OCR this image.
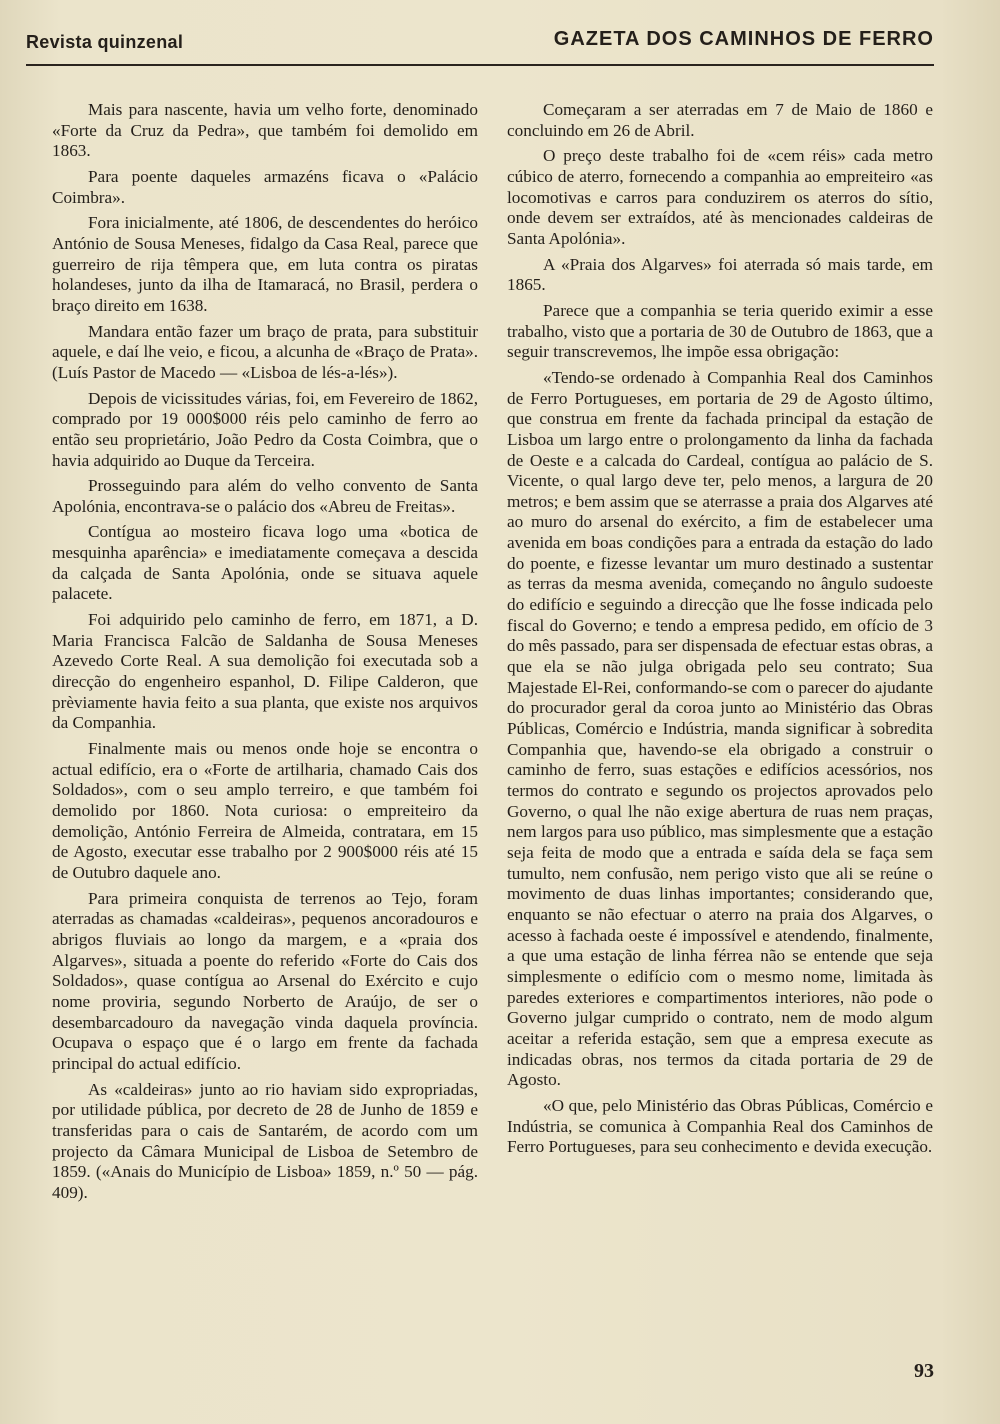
Revista quinzenal	GAZETA DOS CAMINHOS DE FERRO

Mais para nascente, havia um velho forte, denominado «Forte da Cruz da Pedra», que também foi demolido em 1863.

Para poente daqueles armazéns ficava o «Palácio Coimbra».

Fora inicialmente, até 1806, de descendentes do heróico António de Sousa Meneses, fidalgo da Casa Real, parece que guerreiro de rija têmpera que, em luta contra os piratas holandeses, junto da ilha de Itamaracá, no Brasil, perdera o braço direito em 1638.

Mandara então fazer um braço de prata, para substituir aquele, e daí lhe veio, e ficou, a alcunha de «Braço de Prata». (Luís Pastor de Macedo — «Lisboa de lés-a-lés»).

Depois de vicissitudes várias, foi, em Fevereiro de 1862, comprado por 19 000$000 réis pelo caminho de ferro ao então seu proprietário, João Pedro da Costa Coimbra, que o havia adquirido ao Duque da Terceira.

Prosseguindo para além do velho convento de Santa Apolónia, encontrava-se o palácio dos «Abreu de Freitas».

Contígua ao mosteiro ficava logo uma «botica de mesquinha aparência» e imediatamente começava a descida da calçada de Santa Apolónia, onde se situava aquele palacete.

Foi adquirido pelo caminho de ferro, em 1871, a D. Maria Francisca Falcão de Saldanha de Sousa Meneses Azevedo Corte Real. A sua demolição foi executada sob a direcção do engenheiro espanhol, D. Filipe Calderon, que prèviamente havia feito a sua planta, que existe nos arquivos da Companhia.

Finalmente mais ou menos onde hoje se encontra o actual edifício, era o «Forte de artilharia, chamado Cais dos Soldados», com o seu amplo terreiro, e que também foi demolido por 1860. Nota curiosa: o empreiteiro da demolição, António Ferreira de Almeida, contratara, em 15 de Agosto, executar esse trabalho por 2 900$000 réis até 15 de Outubro daquele ano.

Para primeira conquista de terrenos ao Tejo, foram aterradas as chamadas «caldeiras», pequenos ancoradouros e abrigos fluviais ao longo da margem, e a «praia dos Algarves», situada a poente do referido «Forte do Cais dos Soldados», quase contígua ao Arsenal do Exército e cujo nome proviria, segundo Norberto de Araújo, de ser o desembarcadouro da navegação vinda daquela província. Ocupava o espaço que é o largo em frente da fachada principal do actual edifício.

As «caldeiras» junto ao rio haviam sido expropriadas, por utilidade pública, por decreto de 28 de Junho de 1859 e transferidas para o cais de Santarém, de acordo com um projecto da Câmara Municipal de Lisboa de Setembro de 1859. («Anais do Município de Lisboa» 1859, n.º 50 — pág. 409).

Começaram a ser aterradas em 7 de Maio de 1860 e concluindo em 26 de Abril.

O preço deste trabalho foi de «cem réis» cada metro cúbico de aterro, fornecendo a companhia ao empreiteiro «as locomotivas e carros para conduzirem os aterros do sítio, onde devem ser extraídos, até às mencionades caldeiras de Santa Apolónia».

A «Praia dos Algarves» foi aterrada só mais tarde, em 1865.

Parece que a companhia se teria querido eximir a esse trabalho, visto que a portaria de 30 de Outubro de 1863, que a seguir transcrevemos, lhe impõe essa obrigação:

«Tendo-se ordenado à Companhia Real dos Caminhos de Ferro Portugueses, em portaria de 29 de Agosto último, que construa em frente da fachada principal da estação de Lisboa um largo entre o prolongamento da linha da fachada de Oeste e a calcada do Cardeal, contígua ao palácio de S. Vicente, o qual largo deve ter, pelo menos, a largura de 20 metros; e bem assim que se aterrasse a praia dos Algarves até ao muro do arsenal do exército, a fim de estabelecer uma avenida em boas condições para a entrada da estação do lado do poente, e fizesse levantar um muro destinado a sustentar as terras da mesma avenida, começando no ângulo sudoeste do edifício e seguindo a direcção que lhe fosse indicada pelo fiscal do Governo; e tendo a empresa pedido, em ofício de 3 do mês passado, para ser dispensada de efectuar estas obras, a que ela se não julga obrigada pelo seu contrato; Sua Majestade El-Rei, conformando-se com o parecer do ajudante do procurador geral da coroa junto ao Ministério das Obras Públicas, Comércio e Indústria, manda significar à sobredita Companhia que, havendo-se ela obrigado a construir o caminho de ferro, suas estações e edifícios acessórios, nos termos do contrato e segundo os projectos aprovados pelo Governo, o qual lhe não exige abertura de ruas nem praças, nem largos para uso público, mas simplesmente que a estação seja feita de modo que a entrada e saída dela se faça sem tumulto, nem confusão, nem perigo visto que ali se reúne o movimento de duas linhas importantes; considerando que, enquanto se não efectuar o aterro na praia dos Algarves, o acesso à fachada oeste é impossível e atendendo, finalmente, a que uma estação de linha férrea não se entende que seja simplesmente o edifício com o mesmo nome, limitada às paredes exteriores e compartimentos interiores, não pode o Governo julgar cumprido o contrato, nem de modo algum aceitar a referida estação, sem que a empresa execute as indicadas obras, nos termos da citada portaria de 29 de Agosto.

«O que, pelo Ministério das Obras Públicas, Comércio e Indústria, se comunica à Companhia Real dos Caminhos de Ferro Portugueses, para seu conhecimento e devida execução.

93
